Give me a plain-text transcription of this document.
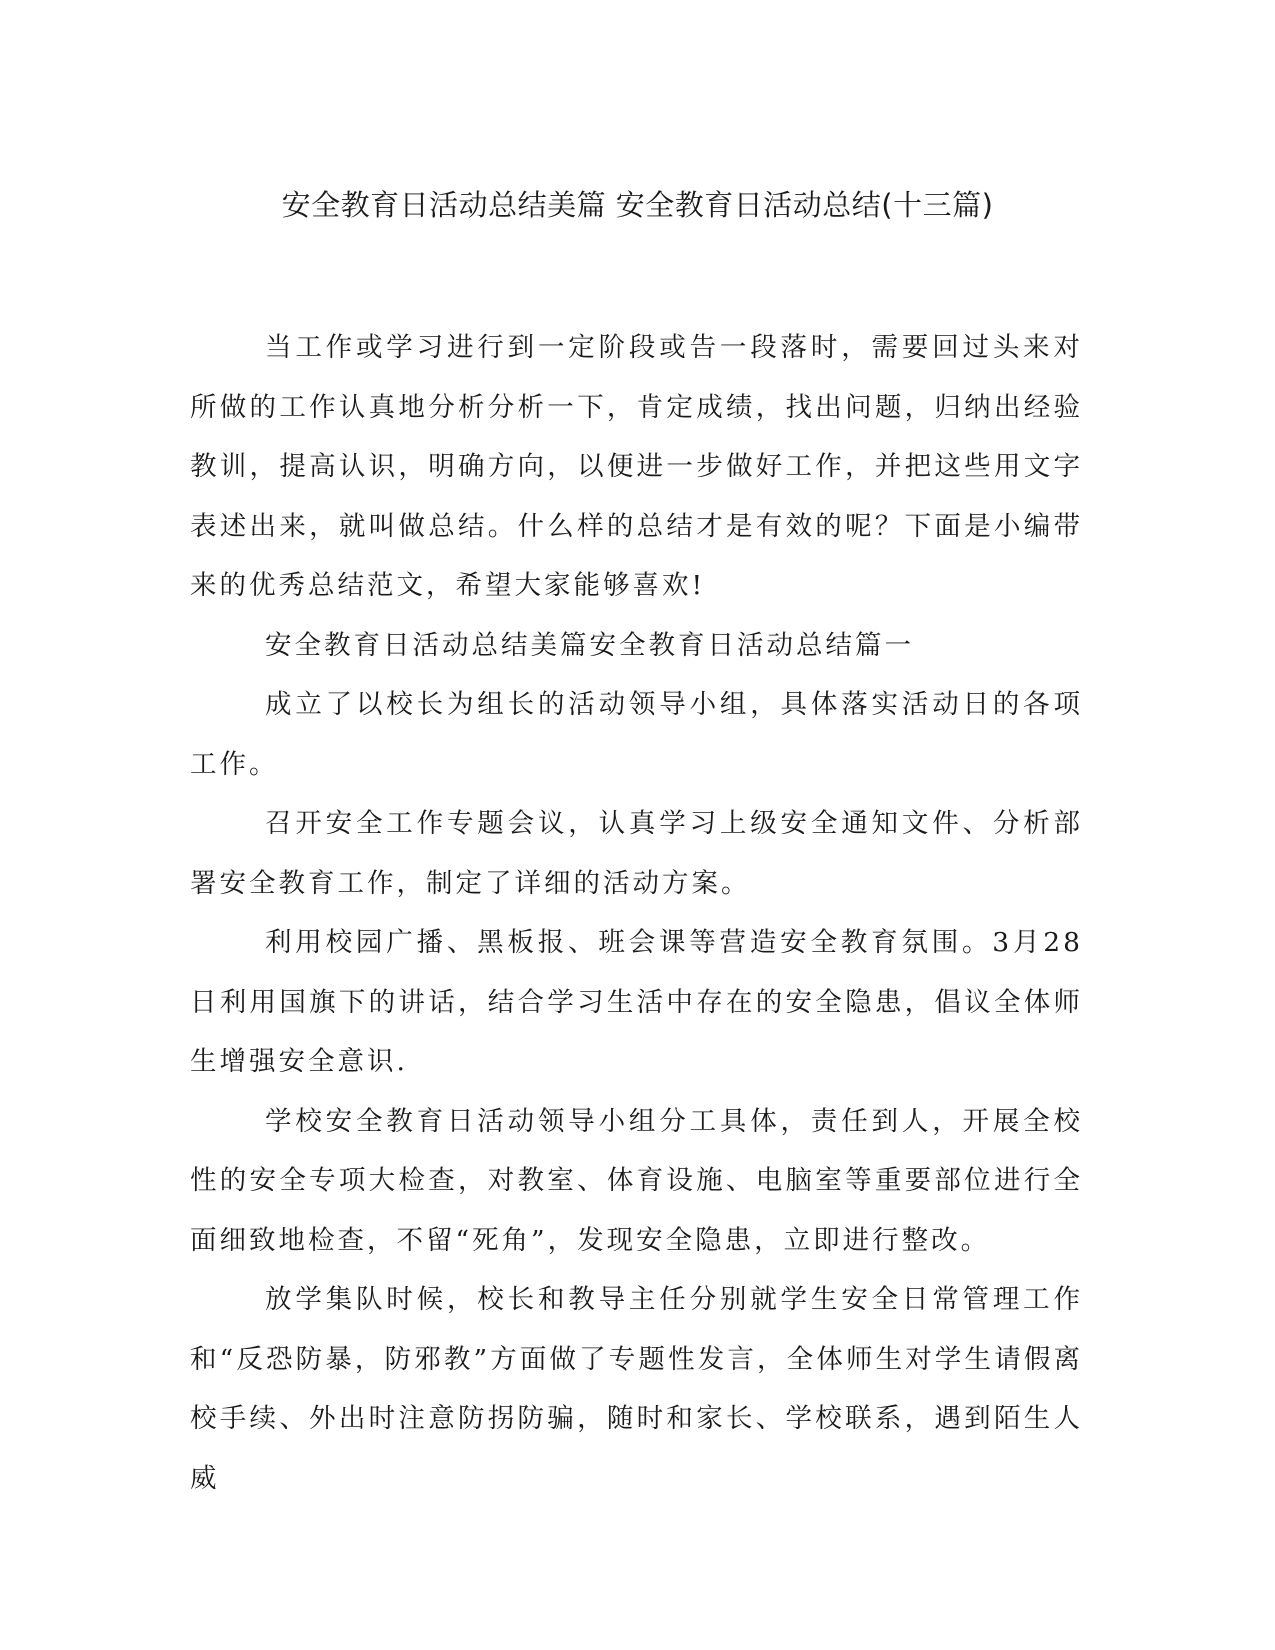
安全教育日活动总结美篇 安全教育日活动总结(十三篇)

当工作或学习进行到一定阶段或告一段落时，需要回过头来对所做的工作认真地分析分析一下，肯定成绩，找出问题，归纳出经验教训，提高认识，明确方向，以便进一步做好工作，并把这些用文字表述出来，就叫做总结。什么样的总结才是有效的呢？下面是小编带来的优秀总结范文，希望大家能够喜欢!

安全教育日活动总结美篇安全教育日活动总结篇一

成立了以校长为组长的活动领导小组，具体落实活动日的各项工作。

召开安全工作专题会议，认真学习上级安全通知文件、分析部署安全教育工作，制定了详细的活动方案。

利用校园广播、黑板报、班会课等营造安全教育氛围。3月28日利用国旗下的讲话，结合学习生活中存在的安全隐患，倡议全体师生增强安全意识.

学校安全教育日活动领导小组分工具体，责任到人，开展全校性的安全专项大检查，对教室、体育设施、电脑室等重要部位进行全面细致地检查，不留“死角”，发现安全隐患，立即进行整改。

放学集队时候，校长和教导主任分别就学生安全日常管理工作和“反恐防暴，防邪教”方面做了专题性发言，全体师生对学生请假离校手续、外出时注意防拐防骗，随时和家长、学校联系，遇到陌生人威
